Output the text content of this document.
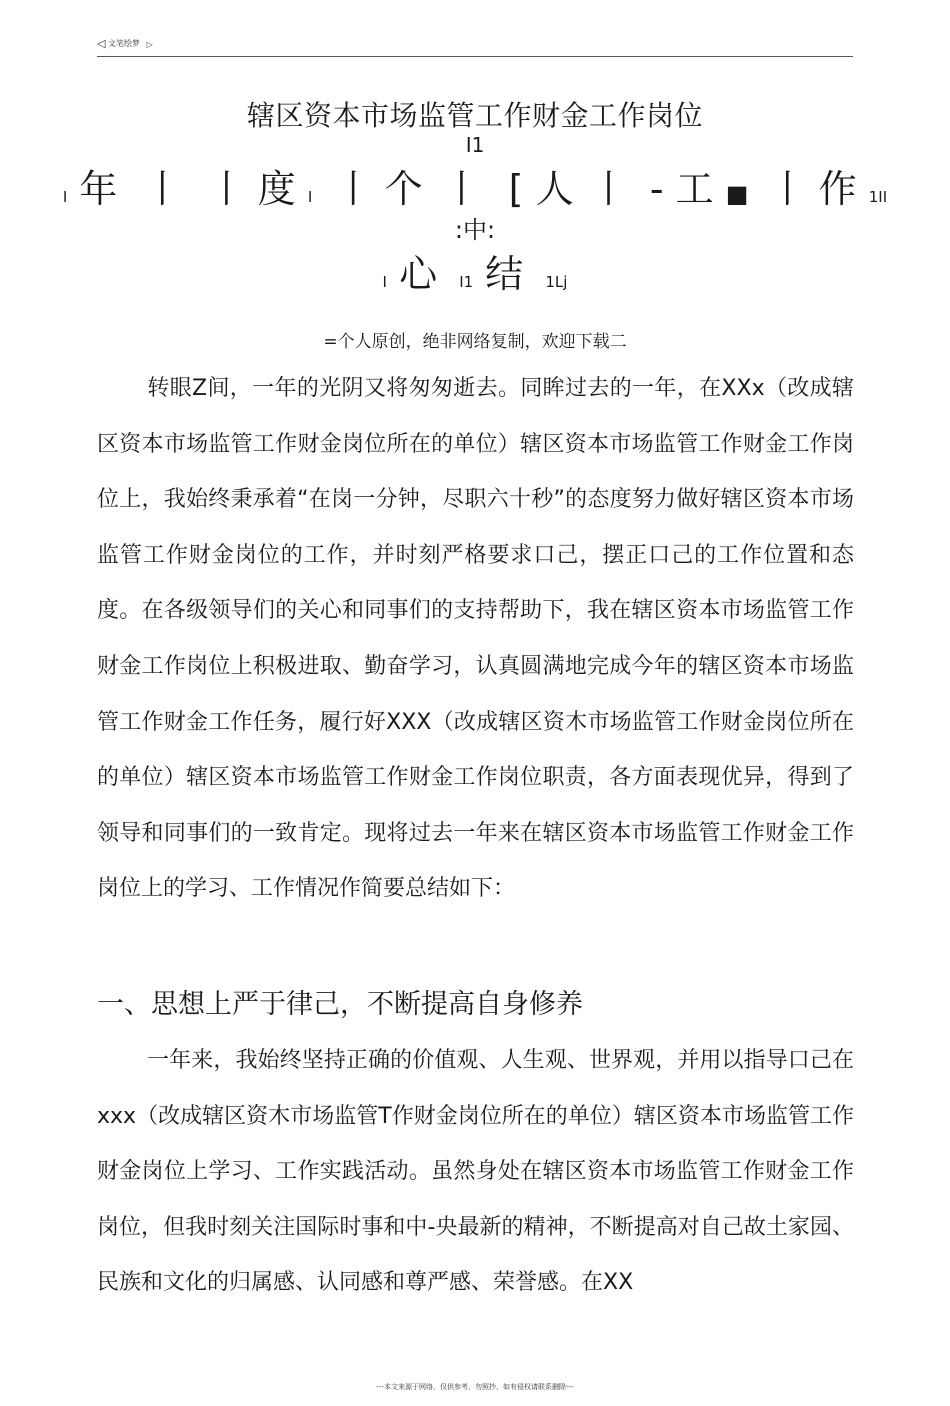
◁ 文笔绘梦 ▷
辖区资本市场监管工作财金工作岗位
I1
I 年 丨 丨 度 I 丨 个 丨 [ 人 丨 - 工 ■ 丨 作 1II
:中:
I 心 I1 结 1Lj
=个人原创，绝非网络复制，欢迎下载二

转眼Z间，一年的光阴又将匆匆逝去。同眸过去的一年，在XXx（改成辖区资本市场监管工作财金岗位所在的单位）辖区资本市场监管工作财金工作岗位上，我始终秉承着“在岗一分钟，尽职六十秒”的态度努力做好辖区资本市场监管工作财金岗位的工作，并时刻严格要求口己，摆正口己的工作位置和态度。在各级领导们的关心和同事们的支持帮助下，我在辖区资本市场监管工作财金工作岗位上积极进取、勤奋学习，认真圆满地完成今年的辖区资本市场监管工作财金工作任务，履行好XXX（改成辖区资木市场监管工作财金岗位所在的单位）辖区资本市场监管工作财金工作岗位职责，各方面表现优异，得到了领导和同事们的一致肯定。现将过去一年来在辖区资本市场监管工作财金工作岗位上的学习、工作情况作简要总结如下：

一、思想上严于律己，不断提高自身修养

一年来，我始终坚持正确的价值观、人生观、世界观，并用以指导口己在xxx（改成辖区资木市场监管T作财金岗位所在的单位）辖区资本市场监管工作财金岗位上学习、工作实践活动。虽然身处在辖区资本市场监管工作财金工作岗位，但我时刻关注国际时事和中-央最新的精神，不断提高对自己故土家园、民族和文化的归属感、认同感和尊严感、荣誉感。在XX

---本文来源于网络，仅供参考，勿照抄，如有侵权请联系删除---
